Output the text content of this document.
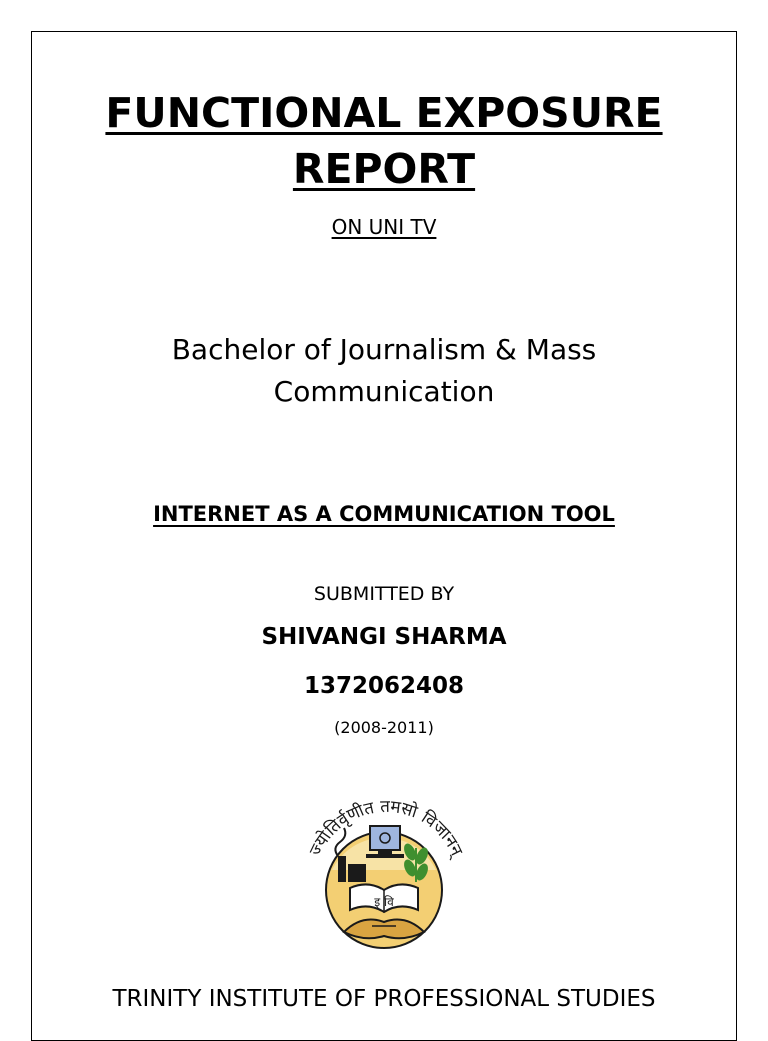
FUNCTIONAL EXPOSURE
REPORT
ON UNI TV
Bachelor of Journalism & Mass
Communication
INTERNET AS A COMMUNICATION TOOL
SUBMITTED BY
SHIVANGI SHARMA
1372062408
(2008-2011)
ज्योतिर्वृणीत तमसो विजानन्
इ वि
TRINITY INSTITUTE OF PROFESSIONAL STUDIES
